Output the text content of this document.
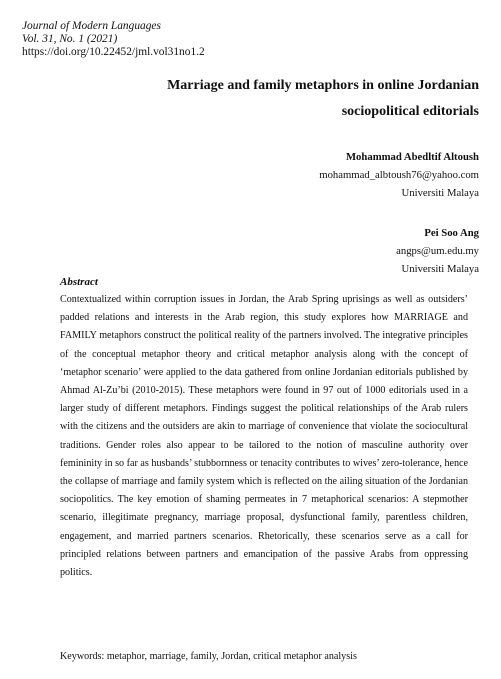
Journal of Modern Languages
Vol. 31, No. 1 (2021)
https://doi.org/10.22452/jml.vol31no1.2
Marriage and family metaphors in online Jordanian
sociopolitical editorials
Mohammad Abedltif Altoush
mohammad_albtoush76@yahoo.com
Universiti Malaya
Pei Soo Ang
angps@um.edu.my
Universiti Malaya
Abstract

Contextualized within corruption issues in Jordan, the Arab Spring uprisings as well as outsiders’ padded relations and interests in the Arab region, this study explores how MARRIAGE and FAMILY metaphors construct the political reality of the partners involved. The integrative principles of the conceptual metaphor theory and critical metaphor analysis along with the concept of ‘metaphor scenario’ were applied to the data gathered from online Jordanian editorials published by Ahmad Al-Zu’bi (2010-2015). These metaphors were found in 97 out of 1000 editorials used in a larger study of different metaphors. Findings suggest the political relationships of the Arab rulers with the citizens and the outsiders are akin to marriage of convenience that violate the sociocultural traditions. Gender roles also appear to be tailored to the notion of masculine authority over femininity in so far as husbands’ stubbornness or tenacity contributes to wives’ zero-tolerance, hence the collapse of marriage and family system which is reflected on the ailing situation of the Jordanian sociopolitics. The key emotion of shaming permeates in 7 metaphorical scenarios: A stepmother scenario, illegitimate pregnancy, marriage proposal, dysfunctional family, parentless children, engagement, and married partners scenarios. Rhetorically, these scenarios serve as a call for principled relations between partners and emancipation of the passive Arabs from oppressing politics.

Keywords: metaphor, marriage, family, Jordan, critical metaphor analysis
